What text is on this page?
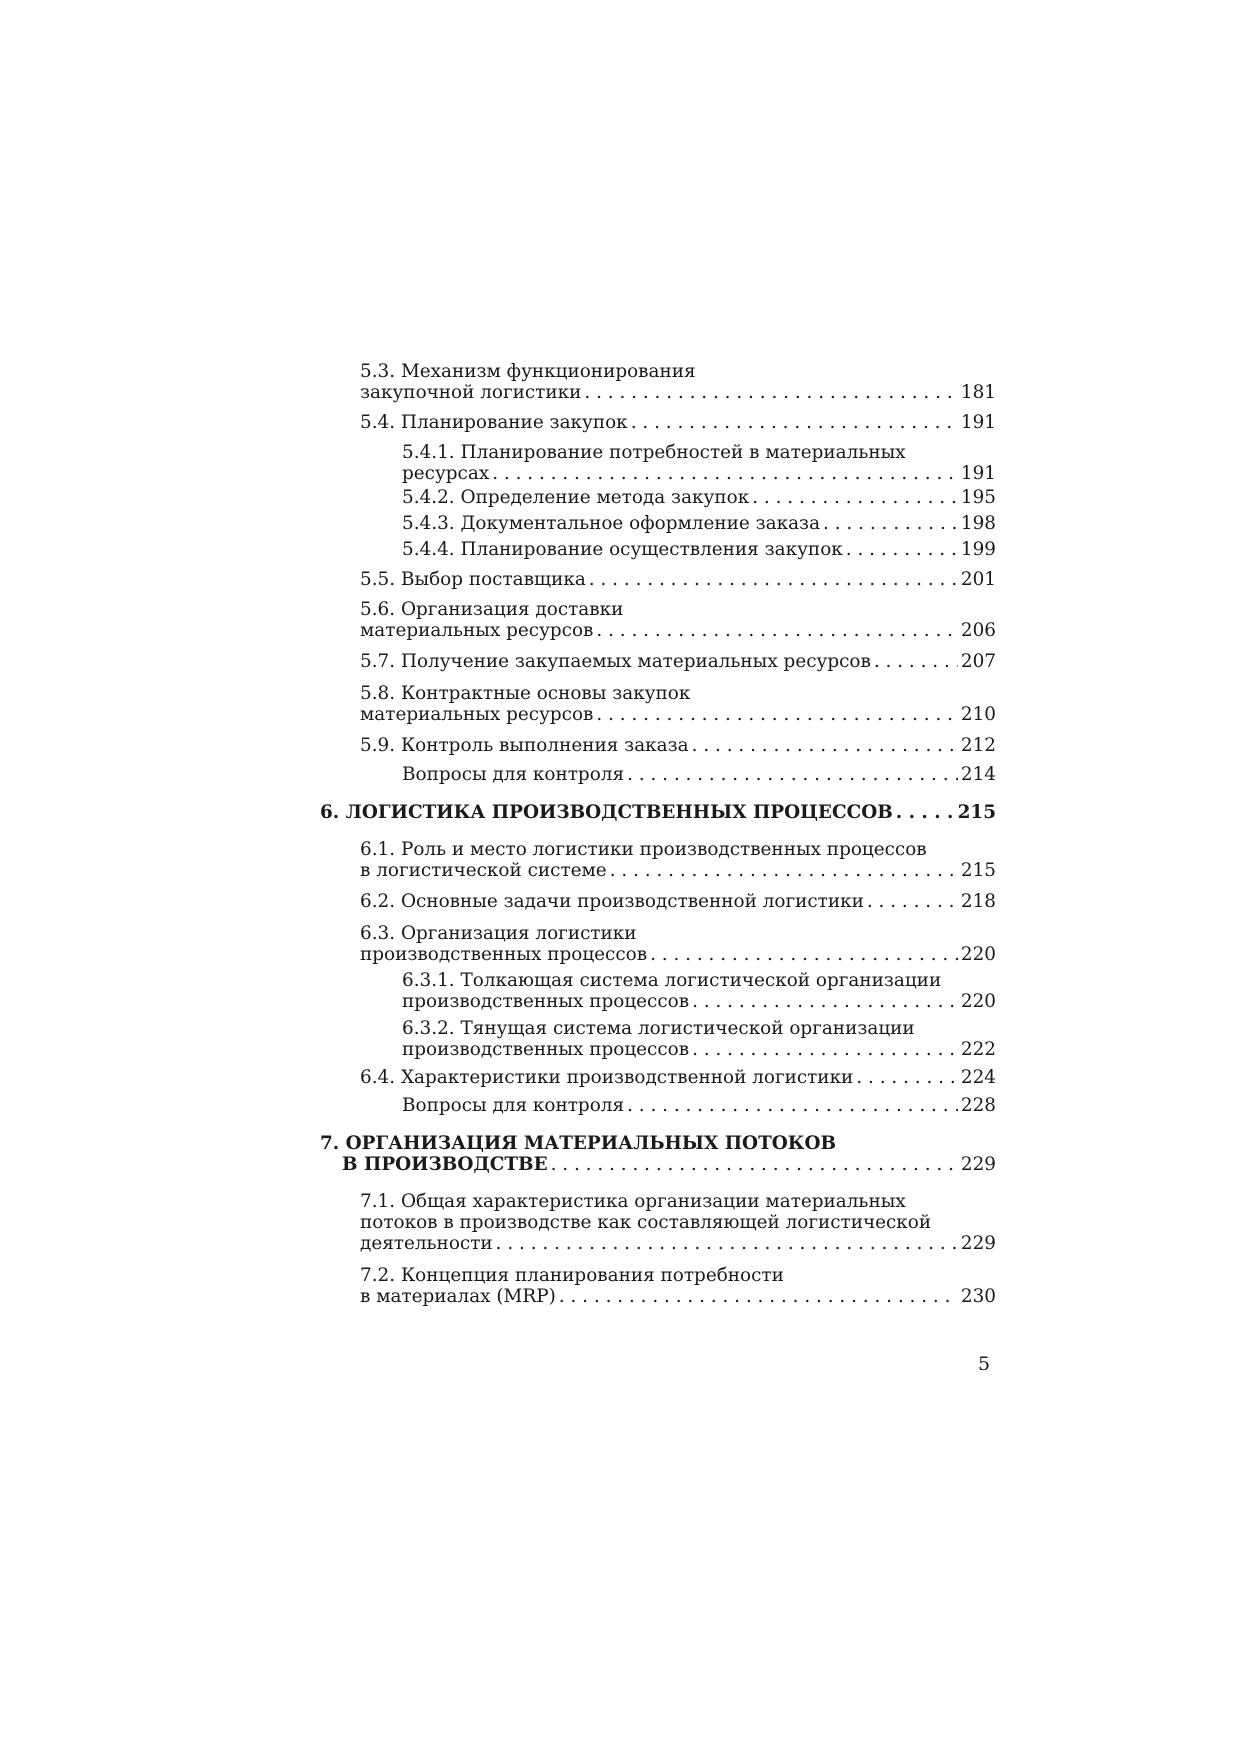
5.3. Механизм функционирования
закупочной логистики . . .	181
5.4. Планирование закупок . . .	191
5.4.1. Планирование потребностей в материальных
ресурсах . . .	191
5.4.2. Определение метода закупок . . .	195
5.4.3. Документальное оформление заказа . . .	198
5.4.4. Планирование осуществления закупок . . .	199
5.5. Выбор поставщика . . .	201
5.6. Организация доставки
материальных ресурсов . . .	206
5.7. Получение закупаемых материальных ресурсов . . .	207
5.8. Контрактные основы закупок
материальных ресурсов . . .	210
5.9. Контроль выполнения заказа . . .	212
Вопросы для контроля . . .	214
6. ЛОГИСТИКА ПРОИЗВОДСТВЕННЫХ ПРОЦЕССОВ . . .	215
6.1. Роль и место логистики производственных процессов
в логистической системе . . .	215
6.2. Основные задачи производственной логистики . . .	218
6.3. Организация логистики
производственных процессов . . .	220
6.3.1. Толкающая система логистической организации
производственных процессов . . .	220
6.3.2. Тянущая система логистической организации
производственных процессов . . .	222
6.4. Характеристики производственной логистики . . .	224
Вопросы для контроля . . .	228
7. ОРГАНИЗАЦИЯ МАТЕРИАЛЬНЫХ ПОТОКОВ
В ПРОИЗВОДСТВЕ . . .	229
7.1. Общая характеристика организации материальных
потоков в производстве как составляющей логистической
деятельности . . .	229
7.2. Концепция планирования потребности
в материалах (MRP) . . .	230
5
